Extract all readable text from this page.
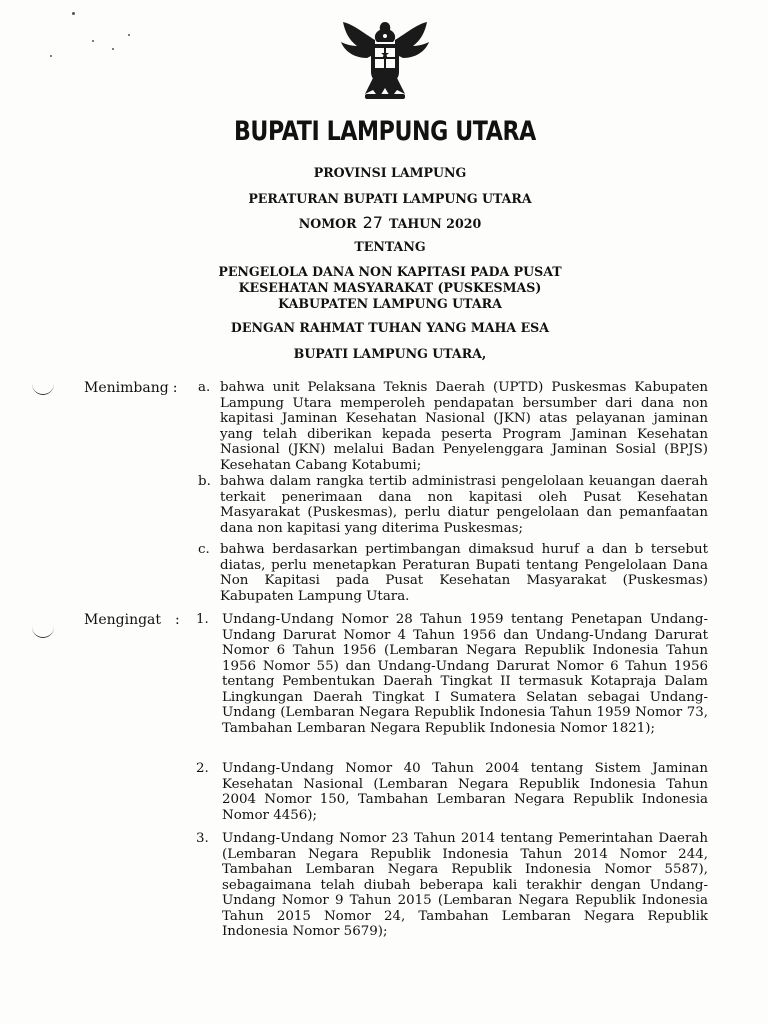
BUPATI LAMPUNG UTARA
PROVINSI LAMPUNG
PERATURAN BUPATI LAMPUNG UTARA
NOMOR 27 TAHUN 2020
TENTANG
PENGELOLA DANA NON KAPITASI PADA PUSAT
KESEHATAN MASYARAKAT (PUSKESMAS)
KABUPATEN LAMPUNG UTARA
DENGAN RAHMAT TUHAN YANG MAHA ESA
BUPATI LAMPUNG UTARA,
Menimbang : a. bahwa unit Pelaksana Teknis Daerah (UPTD) Puskesmas Kabupaten Lampung Utara memperoleh pendapatan bersumber dari dana non kapitasi Jaminan Kesehatan Nasional (JKN) atas pelayanan jaminan yang telah diberikan kepada peserta Program Jaminan Kesehatan Nasional (JKN) melalui Badan Penyelenggara Jaminan Sosial (BPJS) Kesehatan Cabang Kotabumi;
b. bahwa dalam rangka tertib administrasi pengelolaan keuangan daerah terkait penerimaan dana non kapitasi oleh Pusat Kesehatan Masyarakat (Puskesmas), perlu diatur pengelolaan dan pemanfaatan dana non kapitasi yang diterima Puskesmas;
c. bahwa berdasarkan pertimbangan dimaksud huruf a dan b tersebut diatas, perlu menetapkan Peraturan Bupati tentang Pengelolaan Dana Non Kapitasi pada Pusat Kesehatan Masyarakat (Puskesmas) Kabupaten Lampung Utara.
Mengingat : 1. Undang-Undang Nomor 28 Tahun 1959 tentang Penetapan Undang-Undang Darurat Nomor 4 Tahun 1956 dan Undang-Undang Darurat Nomor 6 Tahun 1956 (Lembaran Negara Republik Indonesia Tahun 1956 Nomor 55) dan Undang-Undang Darurat Nomor 6 Tahun 1956 tentang Pembentukan Daerah Tingkat II termasuk Kotapraja Dalam Lingkungan Daerah Tingkat I Sumatera Selatan sebagai Undang-Undang (Lembaran Negara Republik Indonesia Tahun 1959 Nomor 73, Tambahan Lembaran Negara Republik Indonesia Nomor 1821);
2. Undang-Undang Nomor 40 Tahun 2004 tentang Sistem Jaminan Kesehatan Nasional (Lembaran Negara Republik Indonesia Tahun 2004 Nomor 150, Tambahan Lembaran Negara Republik Indonesia Nomor 4456);
3. Undang-Undang Nomor 23 Tahun 2014 tentang Pemerintahan Daerah (Lembaran Negara Republik Indonesia Tahun 2014 Nomor 244, Tambahan Lembaran Negara Republik Indonesia Nomor 5587), sebagaimana telah diubah beberapa kali terakhir dengan Undang-Undang Nomor 9 Tahun 2015 (Lembaran Negara Republik Indonesia Tahun 2015 Nomor 24, Tambahan Lembaran Negara Republik Indonesia Nomor 5679);
